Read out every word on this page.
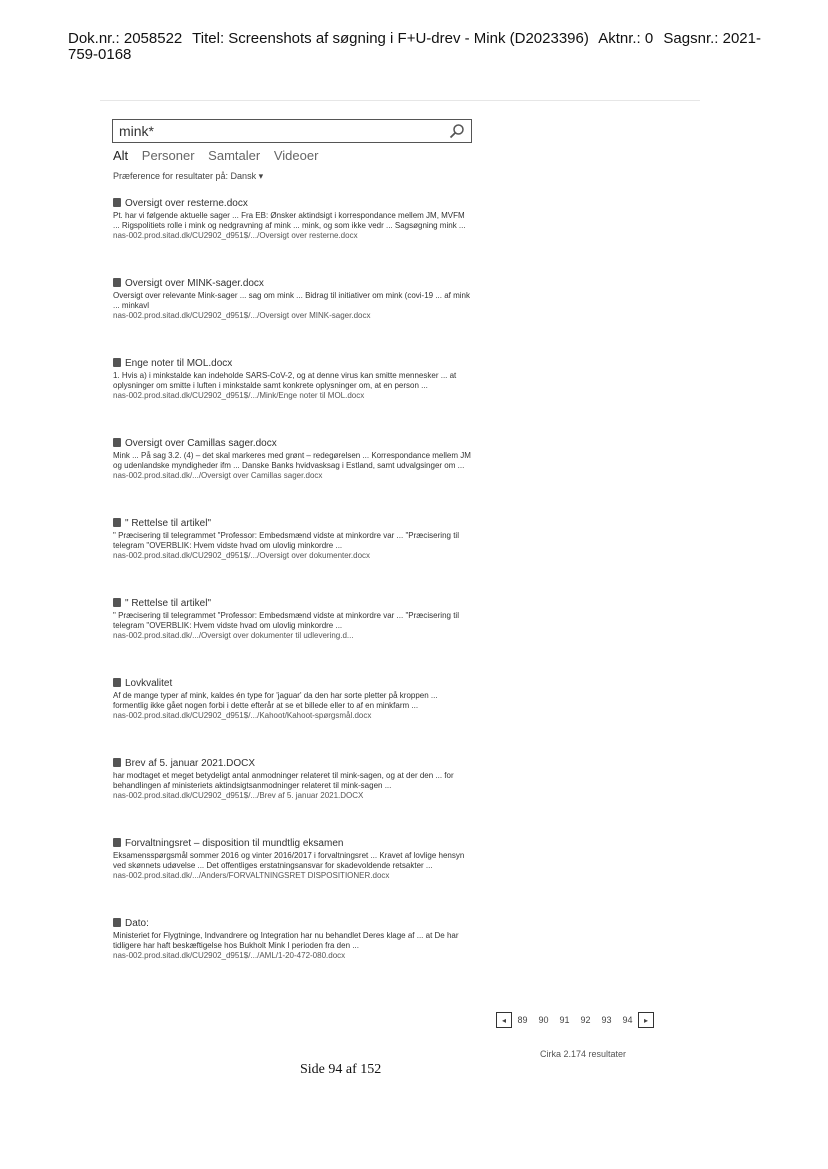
Dok.nr.: 2058522 Titel: Screenshots af søgning i F+U-drev - Mink (D2023396) Aktnr.: 0 Sagsnr.: 2021-759-0168
mink*
Alt Personer Samtaler Videoer
Præference for resultater på: Dansk ▾
Oversigt over resterne.docx
Pt. har vi følgende aktuelle sager ... Fra EB: Ønsker aktindsigt i korrespondance mellem JM, MVFM ... Rigspolitiets rolle i mink og nedgravning af mink ... mink, og som ikke vedr ... Sagsøgning mink ...
nas-002.prod.sitad.dk/CU2902_d951$/.../Oversigt over resterne.docx
Oversigt over MINK-sager.docx
Oversigt over relevante Mink-sager ... sag om mink ... Bidrag til initiativer om mink (covi-19 ... af mink ... minkavl
nas-002.prod.sitad.dk/CU2902_d951$/.../Oversigt over MINK-sager.docx
Enge noter til MOL.docx
1. Hvis a) i minkstalde kan indeholde SARS-CoV-2, og at denne virus kan smitte mennesker ... at oplysninger om smitte i luften i minkstalde samt konkrete oplysninger om, at en person ...
nas-002.prod.sitad.dk/CU2902_d951$/.../Mink/Enge noter til MOL.docx
Oversigt over Camillas sager.docx
Mink ... På sag 3.2. (4) – det skal markeres med grønt – redegørelsen ... Korrespondance mellem JM og udenlandske myndigheder ifm ... Danske Banks hvidvasksag i Estland, samt udvalgsinger om ...
nas-002.prod.sitad.dk/.../Oversigt over Camillas sager.docx
" Rettelse til artikel"
" Præcisering til telegrammet "Professor: Embedsmænd vidste at minkordre var ... "Præcisering til telegram "OVERBLIK: Hvem vidste hvad om ulovlig minkordre ...
nas-002.prod.sitad.dk/CU2902_d951$/.../Oversigt over dokumenter.docx
" Rettelse til artikel"
" Præcisering til telegrammet "Professor: Embedsmænd vidste at minkordre var ... "Præcisering til telegram "OVERBLIK: Hvem vidste hvad om ulovlig minkordre ...
nas-002.prod.sitad.dk/.../Oversigt over dokumenter til udlevering.d...
Lovkvalitet
Af de mange typer af mink, kaldes én type for 'jaguar' da den har sorte pletter på kroppen ... formentlig ikke gået nogen forbi i dette efterår at se et billede eller to af en minkfarm ...
nas-002.prod.sitad.dk/CU2902_d951$/.../Kahoot/Kahoot-spørgsmål.docx
Brev af 5. januar 2021.DOCX
har modtaget et meget betydeligt antal anmodninger relateret til mink-sagen, og at der den ... for behandlingen af ministeriets aktindsigtsanmodninger relateret til mink-sagen ...
nas-002.prod.sitad.dk/CU2902_d951$/.../Brev af 5. januar 2021.DOCX
Forvaltningsret – disposition til mundtlig eksamen
Eksamensspørgsmål sommer 2016 og vinter 2016/2017 i forvaltningsret ... Kravet af lovlige hensyn ved skønnets udøvelse ... Det offentliges erstatningsansvar for skadevoldende retsakter ...
nas-002.prod.sitad.dk/.../Anders/FORVALTNINGSRET DISPOSITIONER.docx
Dato:
Ministeriet for Flygtninge, Indvandrere og Integration har nu behandlet Deres klage af ... at De har tidligere har haft beskæftigelse hos Bukholt Mink I perioden fra den ...
nas-002.prod.sitad.dk/CU2902_d951$/.../AML/1-20-472-080.docx
◂	89	90	91	92	93	94	▸
Cirka 2.174 resultater
Side 94 af 152
